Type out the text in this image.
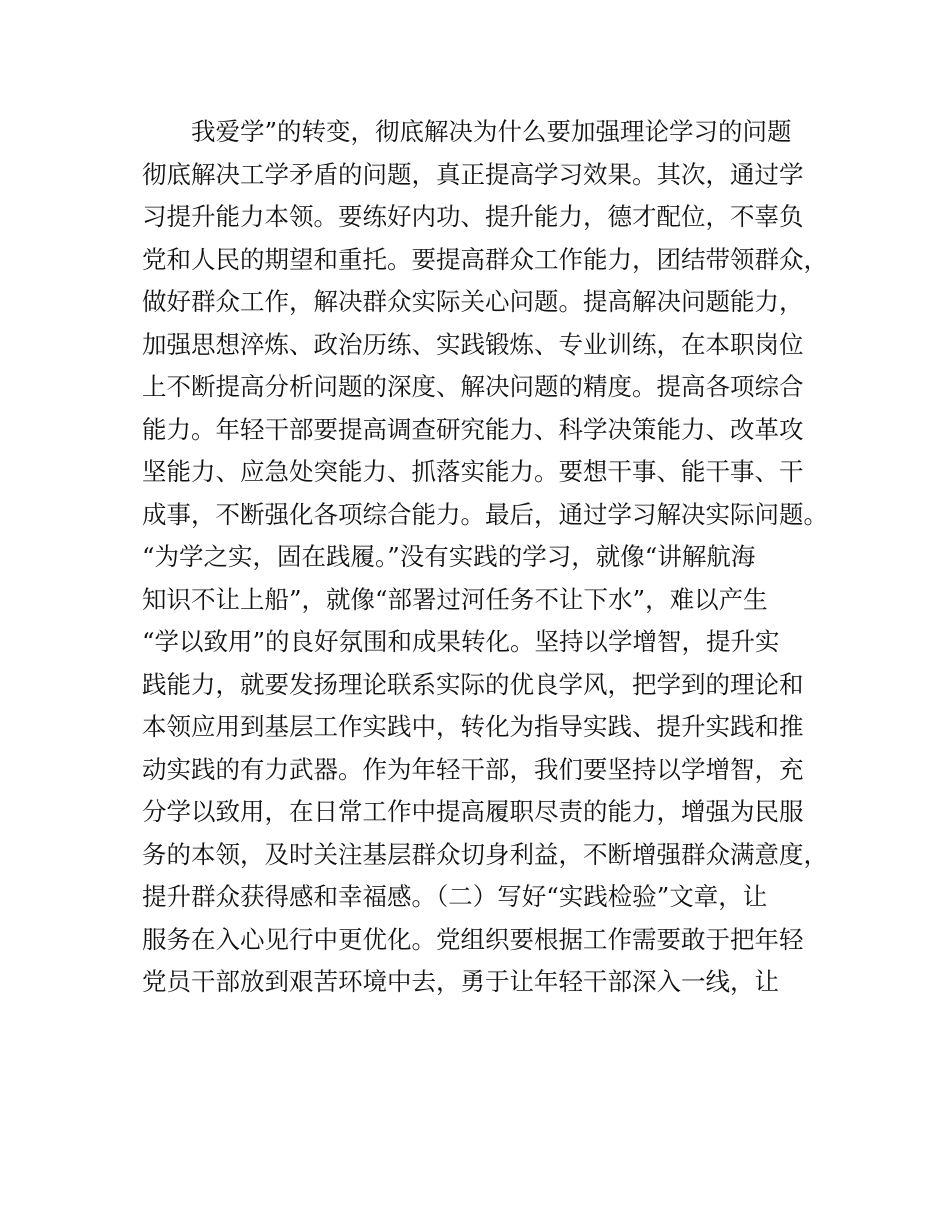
我爱学”的转变，彻底解决为什么要加强理论学习的问题
彻底解决工学矛盾的问题，真正提高学习效果。其次，通过学
习提升能力本领。要练好内功、提升能力，德才配位，不辜负
党和人民的期望和重托。要提高群众工作能力，团结带领群众，
做好群众工作，解决群众实际关心问题。提高解决问题能力，
加强思想淬炼、政治历练、实践锻炼、专业训练，在本职岗位
上不断提高分析问题的深度、解决问题的精度。提高各项综合
能力。年轻干部要提高调查研究能力、科学决策能力、改革攻
坚能力、应急处突能力、抓落实能力。要想干事、能干事、干
成事，不断强化各项综合能力。最后，通过学习解决实际问题。
“为学之实，固在践履。”没有实践的学习，就像“讲解航海
知识不让上船”，就像“部署过河任务不让下水”，难以产生
“学以致用”的良好氛围和成果转化。坚持以学增智，提升实
践能力，就要发扬理论联系实际的优良学风，把学到的理论和
本领应用到基层工作实践中，转化为指导实践、提升实践和推
动实践的有力武器。作为年轻干部，我们要坚持以学增智，充
分学以致用，在日常工作中提高履职尽责的能力，增强为民服
务的本领，及时关注基层群众切身利益，不断增强群众满意度，
提升群众获得感和幸福感。（二）写好“实践检验”文章，让
服务在入心见行中更优化。党组织要根据工作需要敢于把年轻
党员干部放到艰苦环境中去，勇于让年轻干部深入一线，让
